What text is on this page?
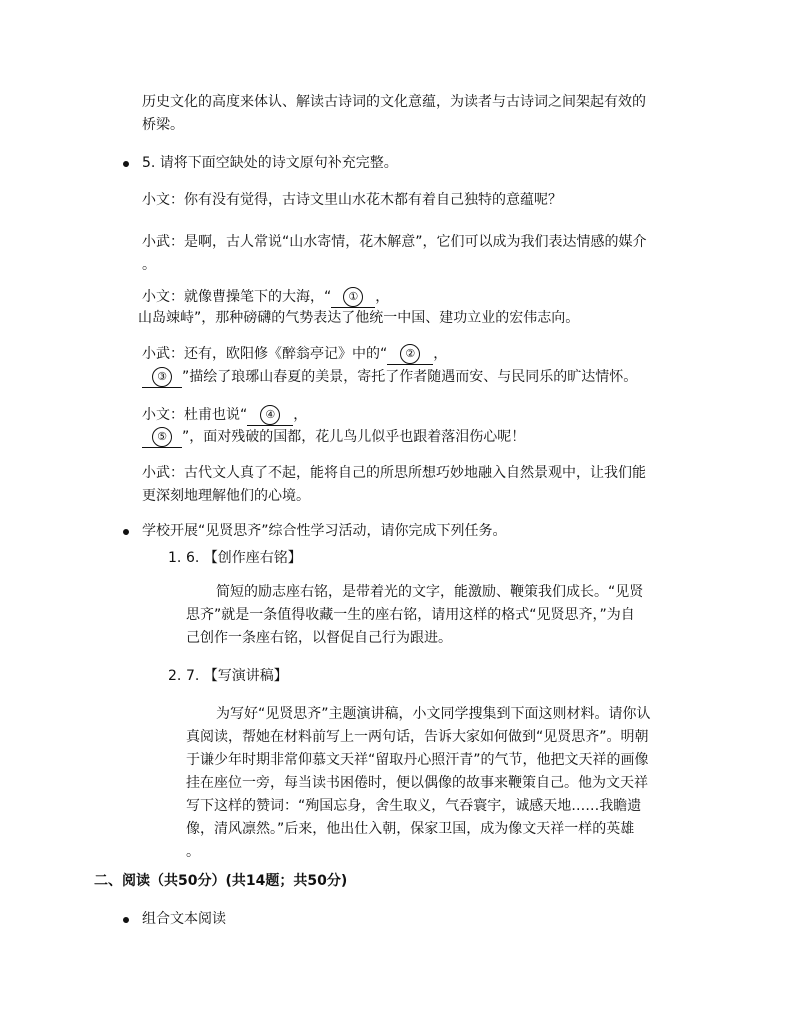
历史文化的高度来体认、解读古诗词的文化意蕴，为读者与古诗词之间架起有效的

桥梁。

5. 请将下面空缺处的诗文原句补充完整。

小文：你有没有觉得，古诗文里山水花木都有着自己独特的意蕴呢？

小武：是啊，古人常说“山水寄情，花木解意”，它们可以成为我们表达情感的媒介

。

小文：就像曹操笔下的大海，“ ① ，

山岛竦峙”，那种磅礴的气势表达了他统一中国、建功立业的宏伟志向。

小武：还有，欧阳修《醉翁亭记》中的“ ② ，

③ ”描绘了琅琊山春夏的美景，寄托了作者随遇而安、与民同乐的旷达情怀。

小文：杜甫也说“ ④ ，

⑤ ”，面对残破的国都，花儿鸟儿似乎也跟着落泪伤心呢！

小武：古代文人真了不起，能将自己的所思所想巧妙地融入自然景观中，让我们能

更深刻地理解他们的心境。

学校开展“见贤思齐”综合性学习活动，请你完成下列任务。

1. 6. 【创作座右铭】

简短的励志座右铭，是带着光的文字，能激励、鞭策我们成长。“见贤

思齐”就是一条值得收藏一生的座右铭，请用这样的格式“见贤思齐，”为自

己创作一条座右铭，以督促自己行为跟进。

2. 7. 【写演讲稿】

为写好“见贤思齐”主题演讲稿，小文同学搜集到下面这则材料。请你认

真阅读，帮她在材料前写上一两句话，告诉大家如何做到“见贤思齐”。明朝

于谦少年时期非常仰慕文天祥“留取丹心照汗青”的气节，他把文天祥的画像

挂在座位一旁，每当读书困倦时，便以偶像的故事来鞭策自己。他为文天祥

写下这样的赞词：“殉国忘身，舍生取义，气吞寰宇，诚感天地……我瞻遗

像，清风凛然。”后来，他出仕入朝，保家卫国，成为像文天祥一样的英雄

。

二、阅读（共50分）(共14题；共50分)

组合文本阅读
